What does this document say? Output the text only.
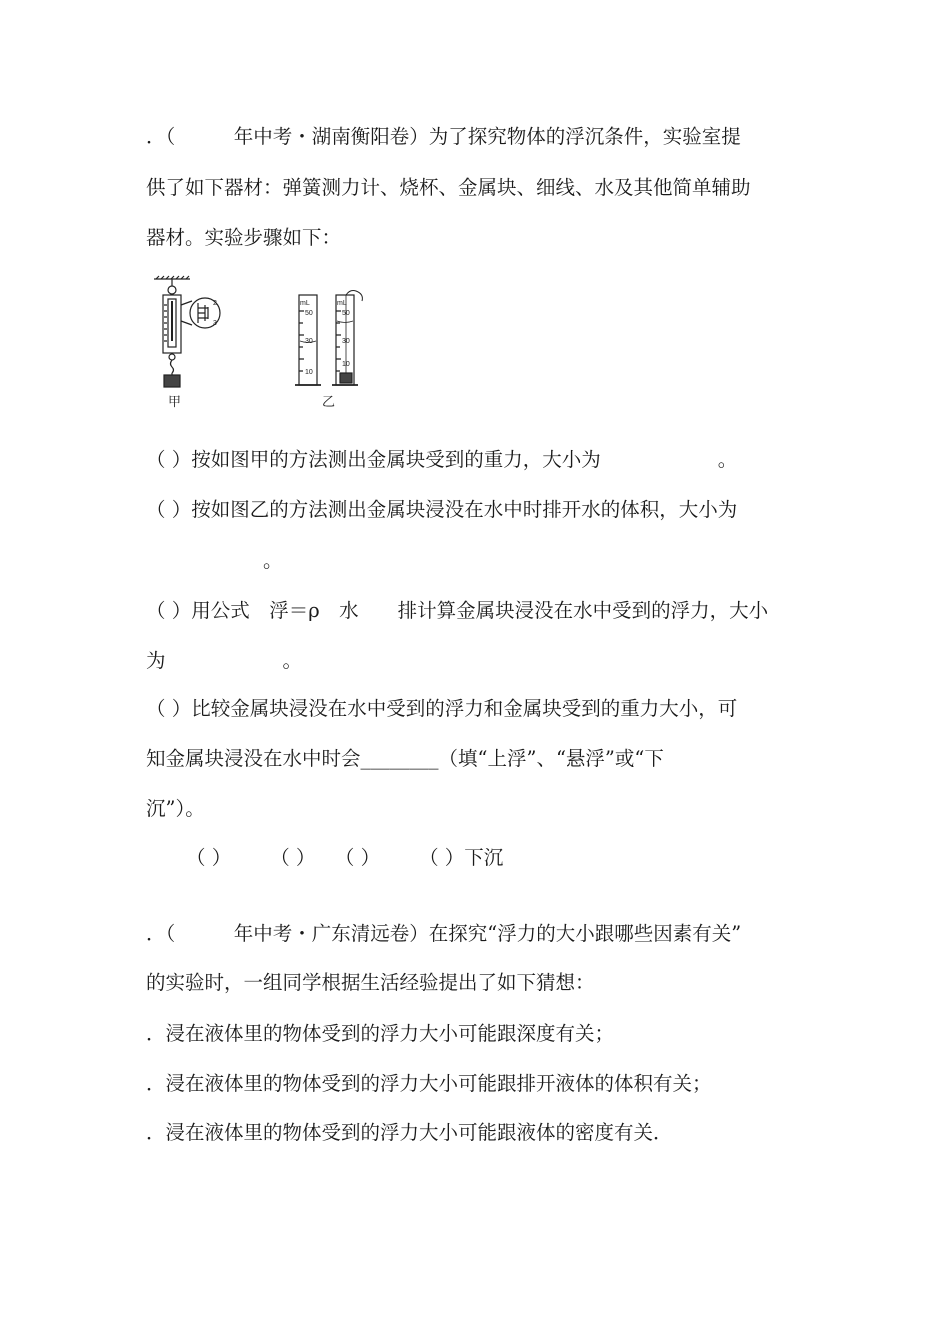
．（　　　年中考・湖南衡阳卷）为了探究物体的浮沉条件，实验室提
供了如下器材：弹簧测力计、烧杯、金属块、细线、水及其他简单辅助
器材。实验步骤如下：
2
3
甲
mL
50
30
10
mL
50
30
10
乙
（ ）按如图甲的方法测出金属块受到的重力，大小为　　　　　　。
（ ）按如图乙的方法测出金属块浸没在水中时排开水的体积，大小为
　　　　　　。
（ ）用公式　浮＝ρ　水　　排计算金属块浸没在水中受到的浮力，大小
为　　　　　　。
（ ）比较金属块浸没在水中受到的浮力和金属块受到的重力大小，可
知金属块浸没在水中时会________（填“上浮”、“悬浮”或“下
沉”）。
（ ）　　　（ ）　　（ ）　　　（ ）下沉
．（　　　年中考・广东清远卷）在探究“浮力的大小跟哪些因素有关”
的实验时，一组同学根据生活经验提出了如下猜想：
．浸在液体里的物体受到的浮力大小可能跟深度有关；
．浸在液体里的物体受到的浮力大小可能跟排开液体的体积有关；
．浸在液体里的物体受到的浮力大小可能跟液体的密度有关．
